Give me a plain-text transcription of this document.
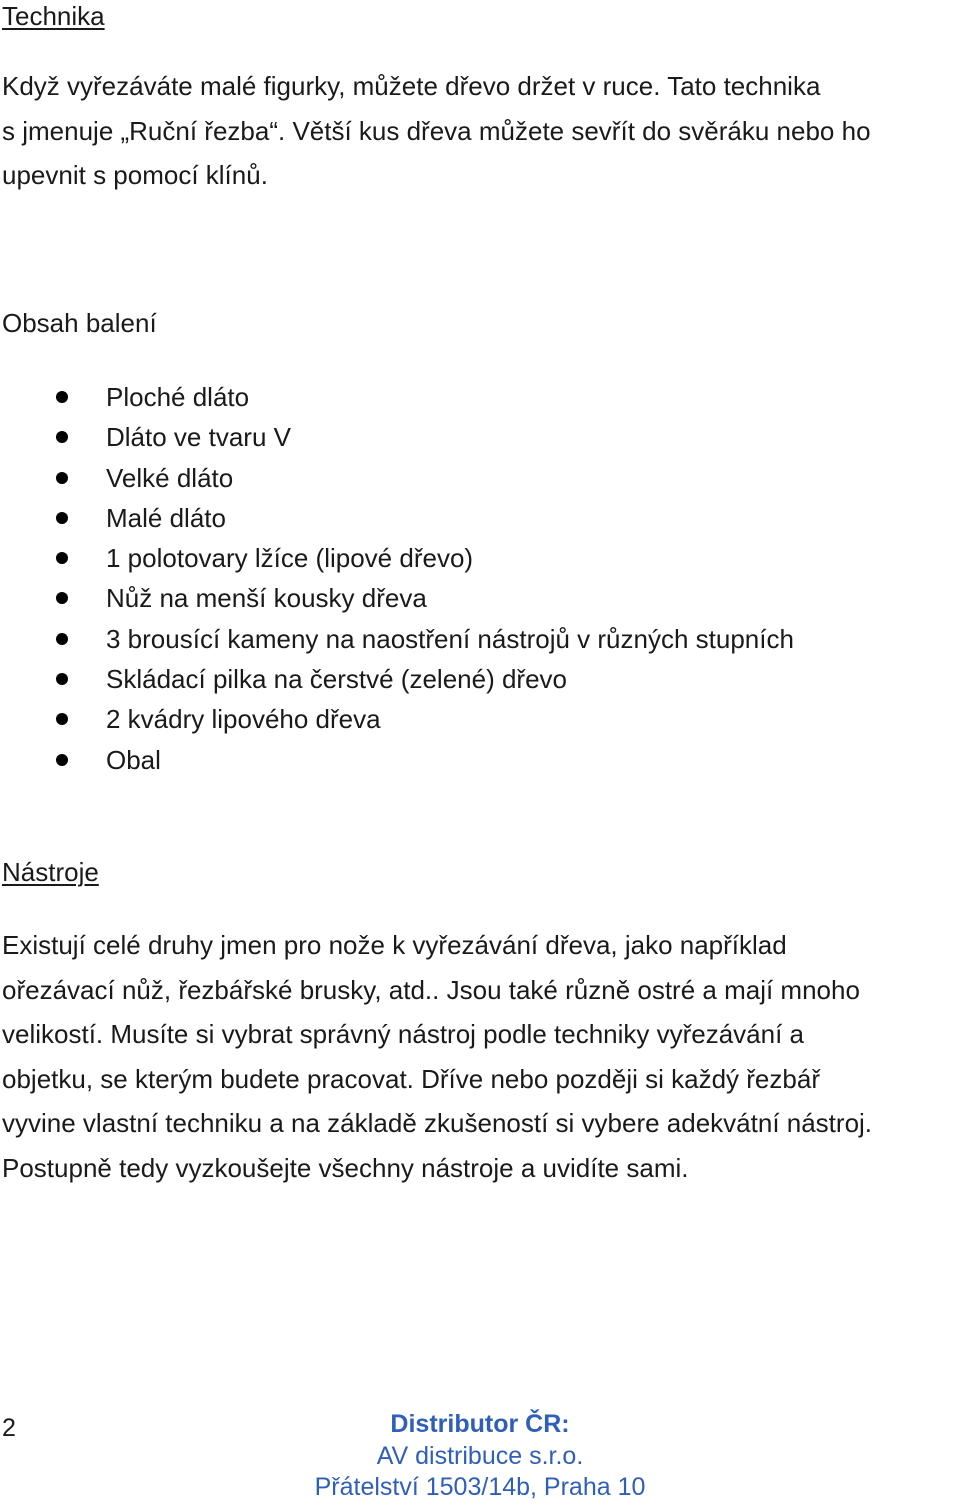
Technika

Když vyřezáváte malé figurky, můžete dřevo držet v ruce. Tato technika
s jmenuje „Ruční řezba“. Větší kus dřeva můžete sevřít do svěráku nebo ho
upevnit s pomocí klínů.

Obsah balení
Ploché dláto
Dláto ve tvaru V
Velké dláto
Malé dláto
1 polotovary lžíce (lipové dřevo)
Nůž na menší kousky dřeva
3 brousící kameny na naostření nástrojů v různých stupních
Skládací pilka na čerstvé (zelené) dřevo
2 kvádry lipového dřeva
Obal
Nástroje

Existují celé druhy jmen pro nože k vyřezávání dřeva, jako například
ořezávací nůž, řezbářské brusky, atd.. Jsou také různě ostré a mají mnoho
velikostí. Musíte si vybrat správný nástroj podle techniky vyřezávání a
objetku, se kterým budete pracovat. Dříve nebo později si každý řezbář
vyvine vlastní techniku a na základě zkušeností si vybere adekvátní nástroj.
Postupně tedy vyzkoušejte všechny nástroje a uvidíte sami.

2	Distributor ČR:
AV distribuce s.r.o.
Přátelství 1503/14b, Praha 10
